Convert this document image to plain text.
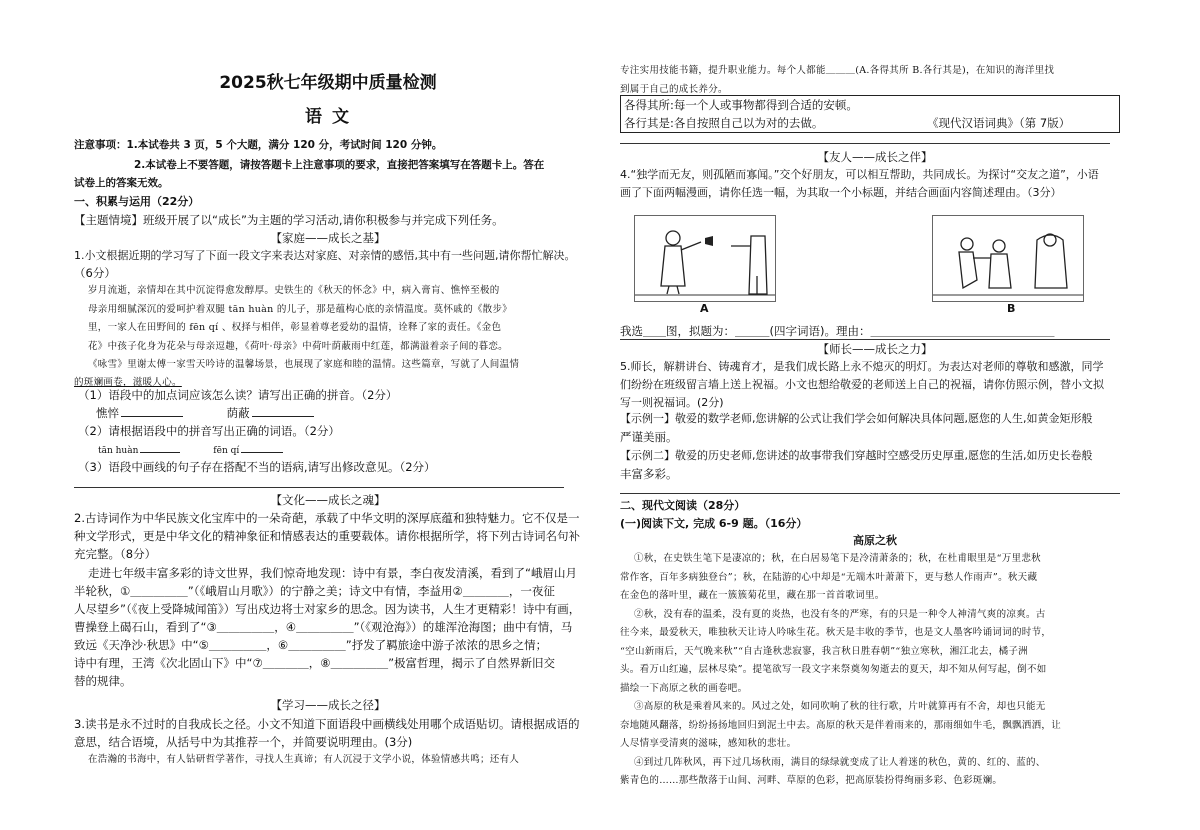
2025秋七年级期中质量检测
语 文
注意事项：1.本试卷共 3 页，5 个大题，满分 120 分，考试时间 120 分钟。
2.本试卷上不要答题，请按答题卡上注意事项的要求，直接把答案填写在答题卡上。答在
试卷上的答案无效。
一、积累与运用（22分）
【主题情境】班级开展了以“成长”为主题的学习活动,请你积极参与并完成下列任务。
【家庭——成长之基】
1.小文根据近期的学习写了下面一段文字来表达对家庭、对亲情的感悟,其中有一些问题,请你帮忙解决。
（6分）
岁月流逝，亲情却在其中沉淀得愈发醇厚。史铁生的《秋天的怀念》中，病入膏肓、憔悴至极的
母亲用细腻深沉的爱呵护着双腿 tān huàn 的儿子，那是蕴构心底的亲情温度。莫怀戚的《散步》
里，一家人在田野间的 fēn qí 、权择与相伴，彰显着尊老爱幼的温情，诠释了家的责任。《金色
花》中孩子化身为花朵与母亲逗趣，《荷叶·母亲》中荷叶荫蔽雨中红莲，都满溢着亲子间的暮恋。
《咏雪》里谢太傅一家雪天吟诗的温馨场景，也展现了家庭和睦的温情。这些篇章，写就了人间温情
的斑斓画卷，滋暖人心。
（1）语段中的加点词应该怎么读？请写出正确的拼音。（2分）
憔悴	荫蔽
（2）请根据语段中的拼音写出正确的词语。（2分）
tān huàn	fēn qí
（3）语段中画线的句子存在搭配不当的语病,请写出修改意见。（2分）
【文化——成长之魂】
2.古诗词作为中华民族文化宝库中的一朵奇葩，承载了中华文明的深厚底蕴和独特魅力。它不仅是一
种文学形式，更是中华文化的精神象征和情感表达的重要载体。请你根据所学，将下列古诗词名句补
充完整。（8分）
走进七年级丰富多彩的诗文世界，我们惊奇地发现：诗中有景，李白夜发清溪，看到了“峨眉山月
半轮秋，①＿＿＿＿＿”（《峨眉山月歌》）的宁静之美；诗文中有情，李益用②＿＿＿＿，一夜征
人尽望乡”（《夜上受降城闻笛》）写出戍边将士对家乡的思念。因为读书，人生才更精彩！诗中有画，
曹操登上碣石山，看到了“③＿＿＿＿＿，④＿＿＿＿＿”（《观沧海》）的雄浑沧海图；曲中有情，马
致远《天净沙·秋思》中“⑤＿＿＿＿＿，⑥＿＿＿＿＿”抒发了羁旅途中游子浓浓的思乡之情；
诗中有理，王湾《次北固山下》中“⑦＿＿＿＿，⑧＿＿＿＿＿”极富哲理，揭示了自然界新旧交
替的规律。
【学习——成长之径】
3.读书是永不过时的自我成长之径。小文不知道下面语段中画横线处用哪个成语贴切。请根据成语的
意思，结合语境，从括号中为其推荐一个，并简要说明理由。(3分)
在浩瀚的书海中，有人钻研哲学著作，寻找人生真谛；有人沉浸于文学小说，体验情感共鸣；还有人
专注实用技能书籍，提升职业能力。每个人都能＿＿＿(A.各得其所 B.各行其是)，在知识的海洋里找
到属于自己的成长养分。
各得其所:每一个人或事物都得到合适的安顿。
各行其是:各自按照自己以为对的去做。	《现代汉语词典》（第 7版）
【友人——成长之伴】
4.“独学而无友，则孤陋而寡闻。”交个好朋友，可以相互帮助，共同成长。为探讨“交友之道”，小语
画了下面两幅漫画，请你任选一幅，为其取一个小标题，并结合画面内容简述理由。（3分）
A	B
我选＿＿图，拟题为：＿＿＿(四字词语)。理由：＿＿＿＿＿＿＿＿＿＿＿＿＿＿＿＿
【师长——成长之力】
5.师长，解耕讲台、铸魂育才，是我们成长路上永不熄灭的明灯。为表达对老师的尊敬和感激，同学
们纷纷在班级留言墙上送上祝福。小文也想给敬爱的老师送上自己的祝福，请你仿照示例，替小文拟
写一则祝福词。(2分)
【示例一】敬爱的数学老师,您讲解的公式让我们学会如何解决具体问题,愿您的人生,如黄金矩形般
严谨美丽。
【示例二】敬爱的历史老师,您讲述的故事带我们穿越时空感受历史厚重,愿您的生活,如历史长卷般
丰富多彩。
二、现代文阅读（28分）
(一)阅读下文, 完成 6-9 题。（16分）
高原之秋
①秋，在史铁生笔下是凄凉的；秋，在白居易笔下是冷清萧条的；秋，在杜甫眼里是“万里悲秋
常作客，百年多病独登台”；秋，在陆游的心中却是“无端木叶萧萧下，更与愁人作雨声”。秋天藏
在金色的落叶里，藏在一簇簇菊花里，藏在那一首首歌词里。
②秋，没有春的温柔，没有夏的炎热，也没有冬的严寒，有的只是一种令人神清气爽的凉爽。古
往今来，最爱秋天，唯独秋天让诗人吟咏生花。秋天是丰收的季节，也是文人墨客吟诵词词的时节，
“空山新雨后，天气晚来秋”“自古逢秋悲寂寥，我言秋日胜春朝”“独立寒秋，湘江北去，橘子洲
头。看万山红遍，层林尽染”。提笔欲写一段文字来祭奠匆匆逝去的夏天，却不知从何写起，倒不如
描绘一下高原之秋的画卷吧。
③高原的秋是乘着风来的。风过之处，如同吹响了秋的往行歌，片叶就算再有不舍，却也只能无
奈地随风翻落，纷纷扬扬地回归到泥土中去。高原的秋天是伴着雨来的，那雨细如牛毛，飘飘洒洒，让
人尽情享受清爽的滋味，感知秋的悲壮。
④到过几阵秋风，再下过几场秋雨，满目的绿绿就变成了让人着迷的秋色，黄的、红的、蓝的、
紫青色的……那些散落于山间、河畔、草原的色彩，把高原装扮得绚丽多彩、色彩斑斓。
